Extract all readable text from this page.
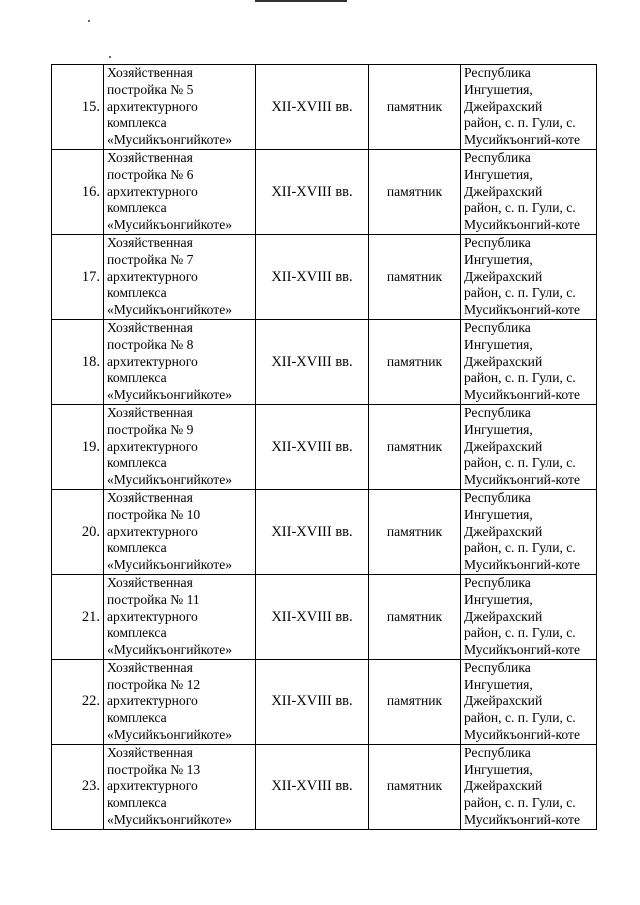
15.	Хозяйственная
постройка № 5
архитектурного
комплекса
«Мусийкъонгийкоте»	XII-XVIII вв.	памятник	Республика
Ингушетия,
Джейрахский
район, с. п. Гули, с.
Мусийкъонгий-коте
16.	Хозяйственная
постройка № 6
архитектурного
комплекса
«Мусийкъонгийкоте»	XII-XVIII вв.	памятник	Республика
Ингушетия,
Джейрахский
район, с. п. Гули, с.
Мусийкъонгий-коте
17.	Хозяйственная
постройка № 7
архитектурного
комплекса
«Мусийкъонгийкоте»	XII-XVIII вв.	памятник	Республика
Ингушетия,
Джейрахский
район, с. п. Гули, с.
Мусийкъонгий-коте
18.	Хозяйственная
постройка № 8
архитектурного
комплекса
«Мусийкъонгийкоте»	XII-XVIII вв.	памятник	Республика
Ингушетия,
Джейрахский
район, с. п. Гули, с.
Мусийкъонгий-коте
19.	Хозяйственная
постройка № 9
архитектурного
комплекса
«Мусийкъонгийкоте»	XII-XVIII вв.	памятник	Республика
Ингушетия,
Джейрахский
район, с. п. Гули, с.
Мусийкъонгий-коте
20.	Хозяйственная
постройка № 10
архитектурного
комплекса
«Мусийкъонгийкоте»	XII-XVIII вв.	памятник	Республика
Ингушетия,
Джейрахский
район, с. п. Гули, с.
Мусийкъонгий-коте
21.	Хозяйственная
постройка № 11
архитектурного
комплекса
«Мусийкъонгийкоте»	XII-XVIII вв.	памятник	Республика
Ингушетия,
Джейрахский
район, с. п. Гули, с.
Мусийкъонгий-коте
22.	Хозяйственная
постройка № 12
архитектурного
комплекса
«Мусийкъонгийкоте»	XII-XVIII вв.	памятник	Республика
Ингушетия,
Джейрахский
район, с. п. Гули, с.
Мусийкъонгий-коте
23.	Хозяйственная
постройка № 13
архитектурного
комплекса
«Мусийкъонгийкоте»	XII-XVIII вв.	памятник	Республика
Ингушетия,
Джейрахский
район, с. п. Гули, с.
Мусийкъонгий-коте
